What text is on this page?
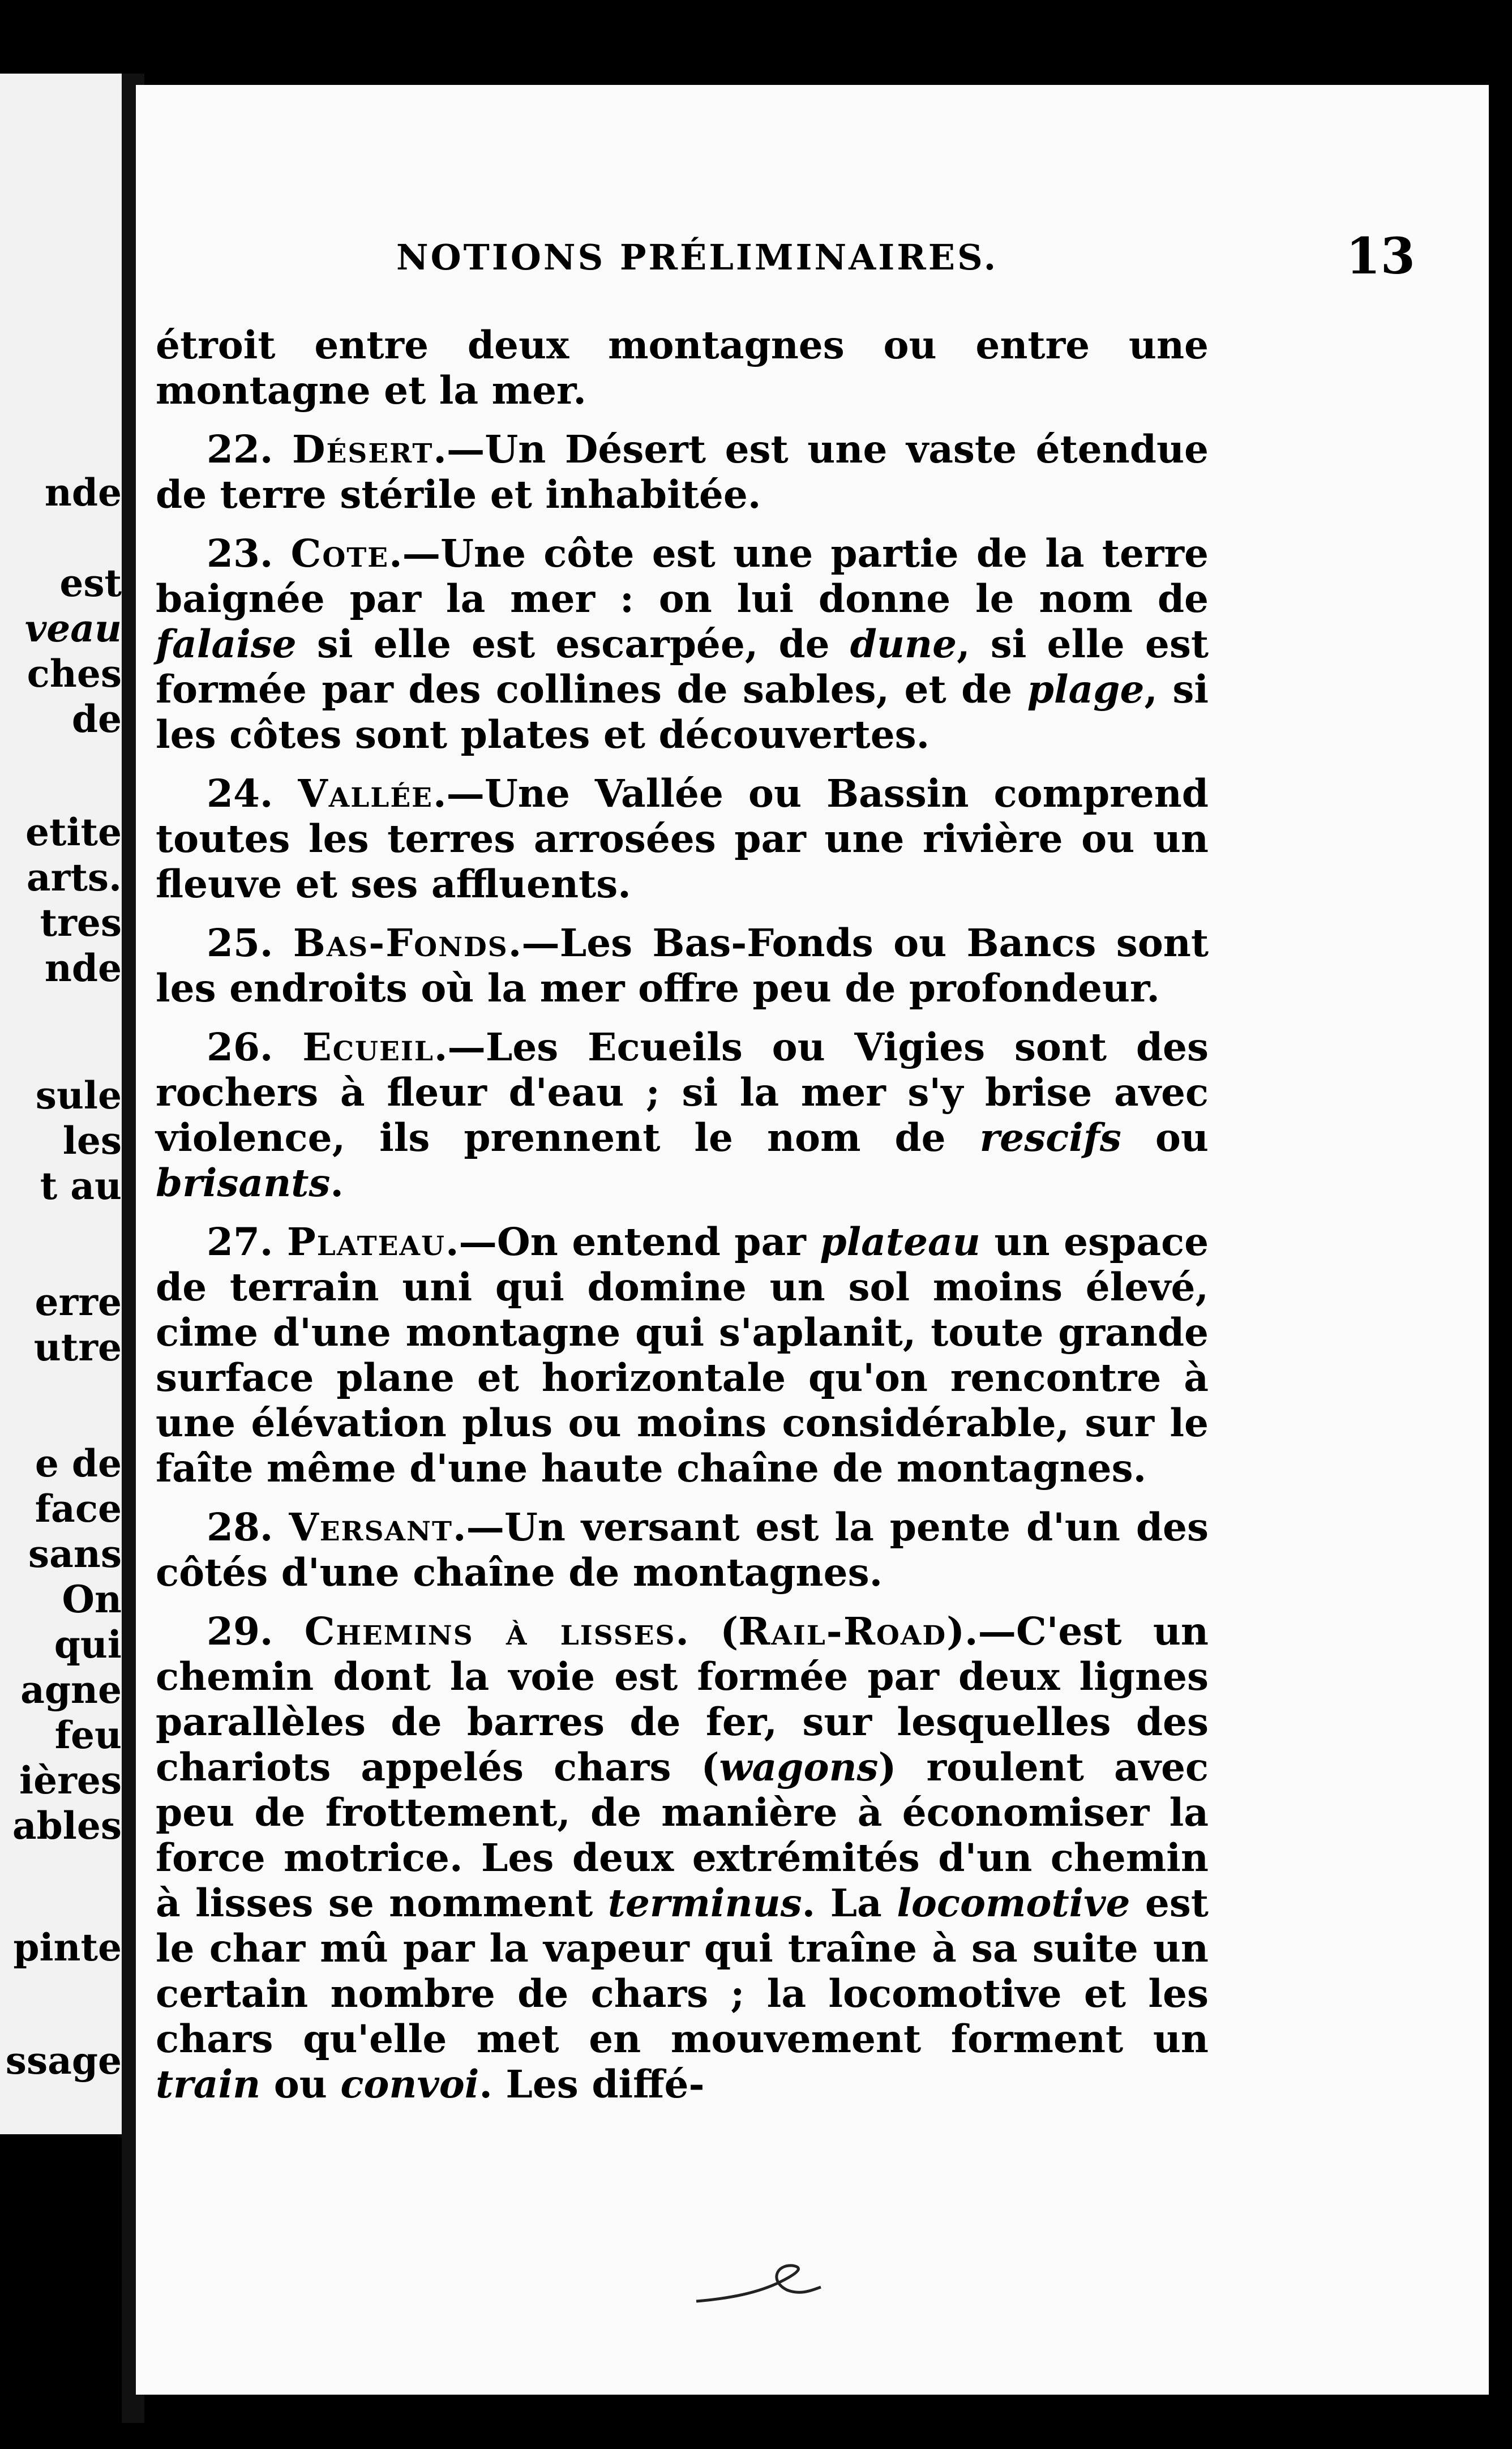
nde
est
veau
ches
de
etite
arts.
tres
nde
sule
les
t au
erre
utre
e de
face
sans
On
qui
agne
feu
ières
ables
pinte
ssage
NOTIONS PRÉLIMINAIRES.	13

étroit entre deux montagnes ou entre une montagne et la mer.

22. Désert.—Un Désert est une vaste étendue de terre stérile et inhabitée.

23. Cote.—Une côte est une partie de la terre baignée par la mer : on lui donne le nom de falaise si elle est escarpée, de dune, si elle est formée par des collines de sables, et de plage, si les côtes sont plates et découvertes.

24. Vallée.—Une Vallée ou Bassin comprend toutes les terres arrosées par une rivière ou un fleuve et ses affluents.

25. Bas-Fonds.—Les Bas-Fonds ou Bancs sont les endroits où la mer offre peu de profondeur.

26. Ecueil.—Les Ecueils ou Vigies sont des rochers à fleur d'eau ; si la mer s'y brise avec violence, ils prennent le nom de rescifs ou brisants.

27. Plateau.—On entend par plateau un espace de terrain uni qui domine un sol moins élevé, cime d'une montagne qui s'aplanit, toute grande surface plane et horizontale qu'on rencontre à une élévation plus ou moins considérable, sur le faîte même d'une haute chaîne de montagnes.

28. Versant.—Un versant est la pente d'un des côtés d'une chaîne de montagnes.

29. Chemins à lisses. (Rail-Road).—C'est un chemin dont la voie est formée par deux lignes parallèles de barres de fer, sur lesquelles des chariots appelés chars (wagons) roulent avec peu de frottement, de manière à économiser la force motrice. Les deux extrémités d'un chemin à lisses se nomment terminus. La locomotive est le char mû par la vapeur qui traîne à sa suite un certain nombre de chars ; la locomotive et les chars qu'elle met en mouvement forment un train ou convoi. Les diffé-
